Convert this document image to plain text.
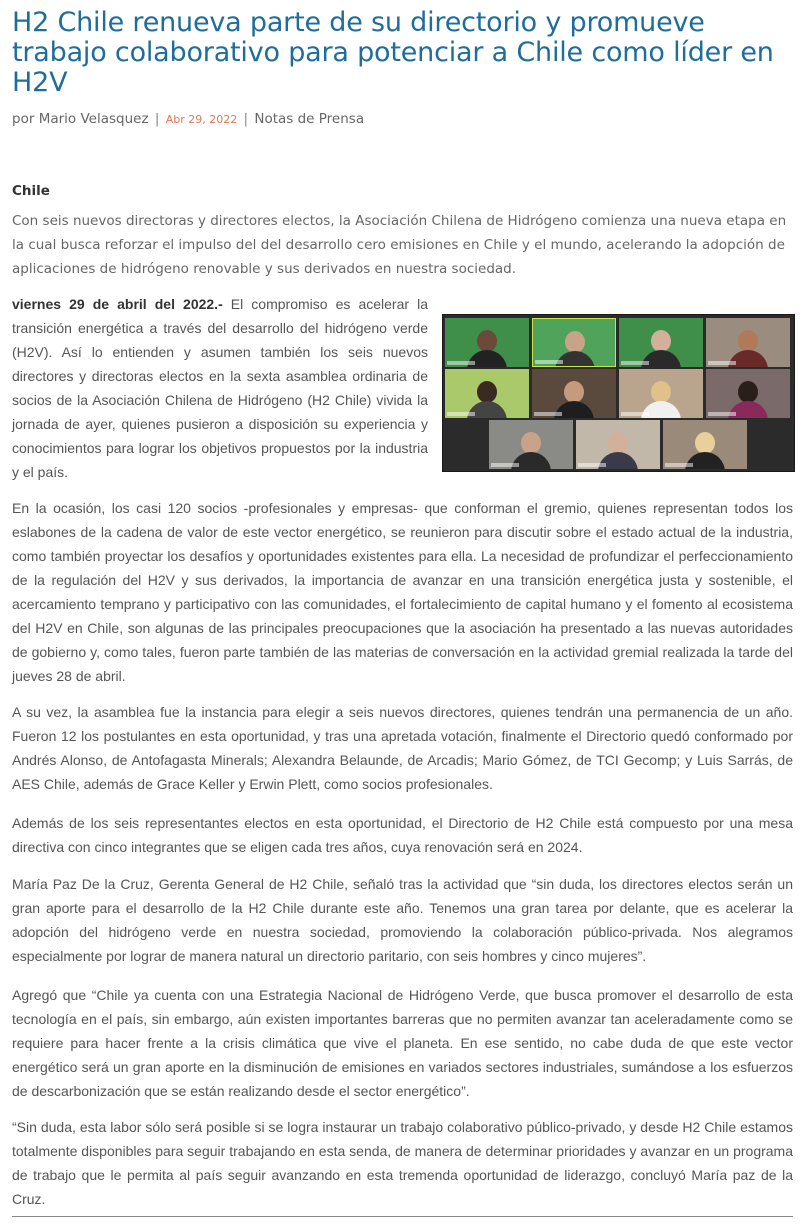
H2 Chile renueva parte de su directorio y promueve trabajo colaborativo para potenciar a Chile como líder en H2V
por Mario Velasquez | Abr 29, 2022 | Notas de Prensa
Chile

Con seis nuevos directoras y directores electos, la Asociación Chilena de Hidrógeno comienza una nueva etapa en la cual busca reforzar el impulso del del desarrollo cero emisiones en Chile y el mundo, acelerando la adopción de aplicaciones de hidrógeno renovable y sus derivados en nuestra sociedad.

viernes 29 de abril del 2022.- El compromiso es acelerar la transición energética a través del desarrollo del hidrógeno verde (H2V). Así lo entienden y asumen también los seis nuevos directores y directoras electos en la sexta asamblea ordinaria de socios de la Asociación Chilena de Hidrógeno (H2 Chile) vivida la jornada de ayer, quienes pusieron a disposición su experiencia y conocimientos para lograr los objetivos propuestos por la industria y el país.

En la ocasión, los casi 120 socios -profesionales y empresas- que conforman el gremio, quienes representan todos los eslabones de la cadena de valor de este vector energético, se reunieron para discutir sobre el estado actual de la industria, como también proyectar los desafíos y oportunidades existentes para ella. La necesidad de profundizar el perfeccionamiento de la regulación del H2V y sus derivados, la importancia de avanzar en una transición energética justa y sostenible, el acercamiento temprano y participativo con las comunidades, el fortalecimiento de capital humano y el fomento al ecosistema del H2V en Chile, son algunas de las principales preocupaciones que la asociación ha presentado a las nuevas autoridades de gobierno y, como tales, fueron parte también de las materias de conversación en la actividad gremial realizada la tarde del jueves 28 de abril.

A su vez, la asamblea fue la instancia para elegir a seis nuevos directores, quienes tendrán una permanencia de un año. Fueron 12 los postulantes en esta oportunidad, y tras una apretada votación, finalmente el Directorio quedó conformado por Andrés Alonso, de Antofagasta Minerals; Alexandra Belaunde, de Arcadis; Mario Gómez, de TCI Gecomp; y Luis Sarrás, de AES Chile, además de Grace Keller y Erwin Plett, como socios profesionales.

Además de los seis representantes electos en esta oportunidad, el Directorio de H2 Chile está compuesto por una mesa directiva con cinco integrantes que se eligen cada tres años, cuya renovación será en 2024.

María Paz De la Cruz, Gerenta General de H2 Chile, señaló tras la actividad que “sin duda, los directores electos serán un gran aporte para el desarrollo de la H2 Chile durante este año. Tenemos una gran tarea por delante, que es acelerar la adopción del hidrógeno verde en nuestra sociedad, promoviendo la colaboración público-privada. Nos alegramos especialmente por lograr de manera natural un directorio paritario, con seis hombres y cinco mujeres”.

Agregó que “Chile ya cuenta con una Estrategia Nacional de Hidrógeno Verde, que busca promover el desarrollo de esta tecnología en el país, sin embargo, aún existen importantes barreras que no permiten avanzar tan aceleradamente como se requiere para hacer frente a la crisis climática que vive el planeta. En ese sentido, no cabe duda de que este vector energético será un gran aporte en la disminución de emisiones en variados sectores industriales, sumándose a los esfuerzos de descarbonización que se están realizando desde el sector energético”.

“Sin duda, esta labor sólo será posible si se logra instaurar un trabajo colaborativo público-privado, y desde H2 Chile estamos totalmente disponibles para seguir trabajando en esta senda, de manera de determinar prioridades y avanzar en un programa de trabajo que le permita al país seguir avanzando en esta tremenda oportunidad de liderazgo, concluyó María paz de la Cruz.
